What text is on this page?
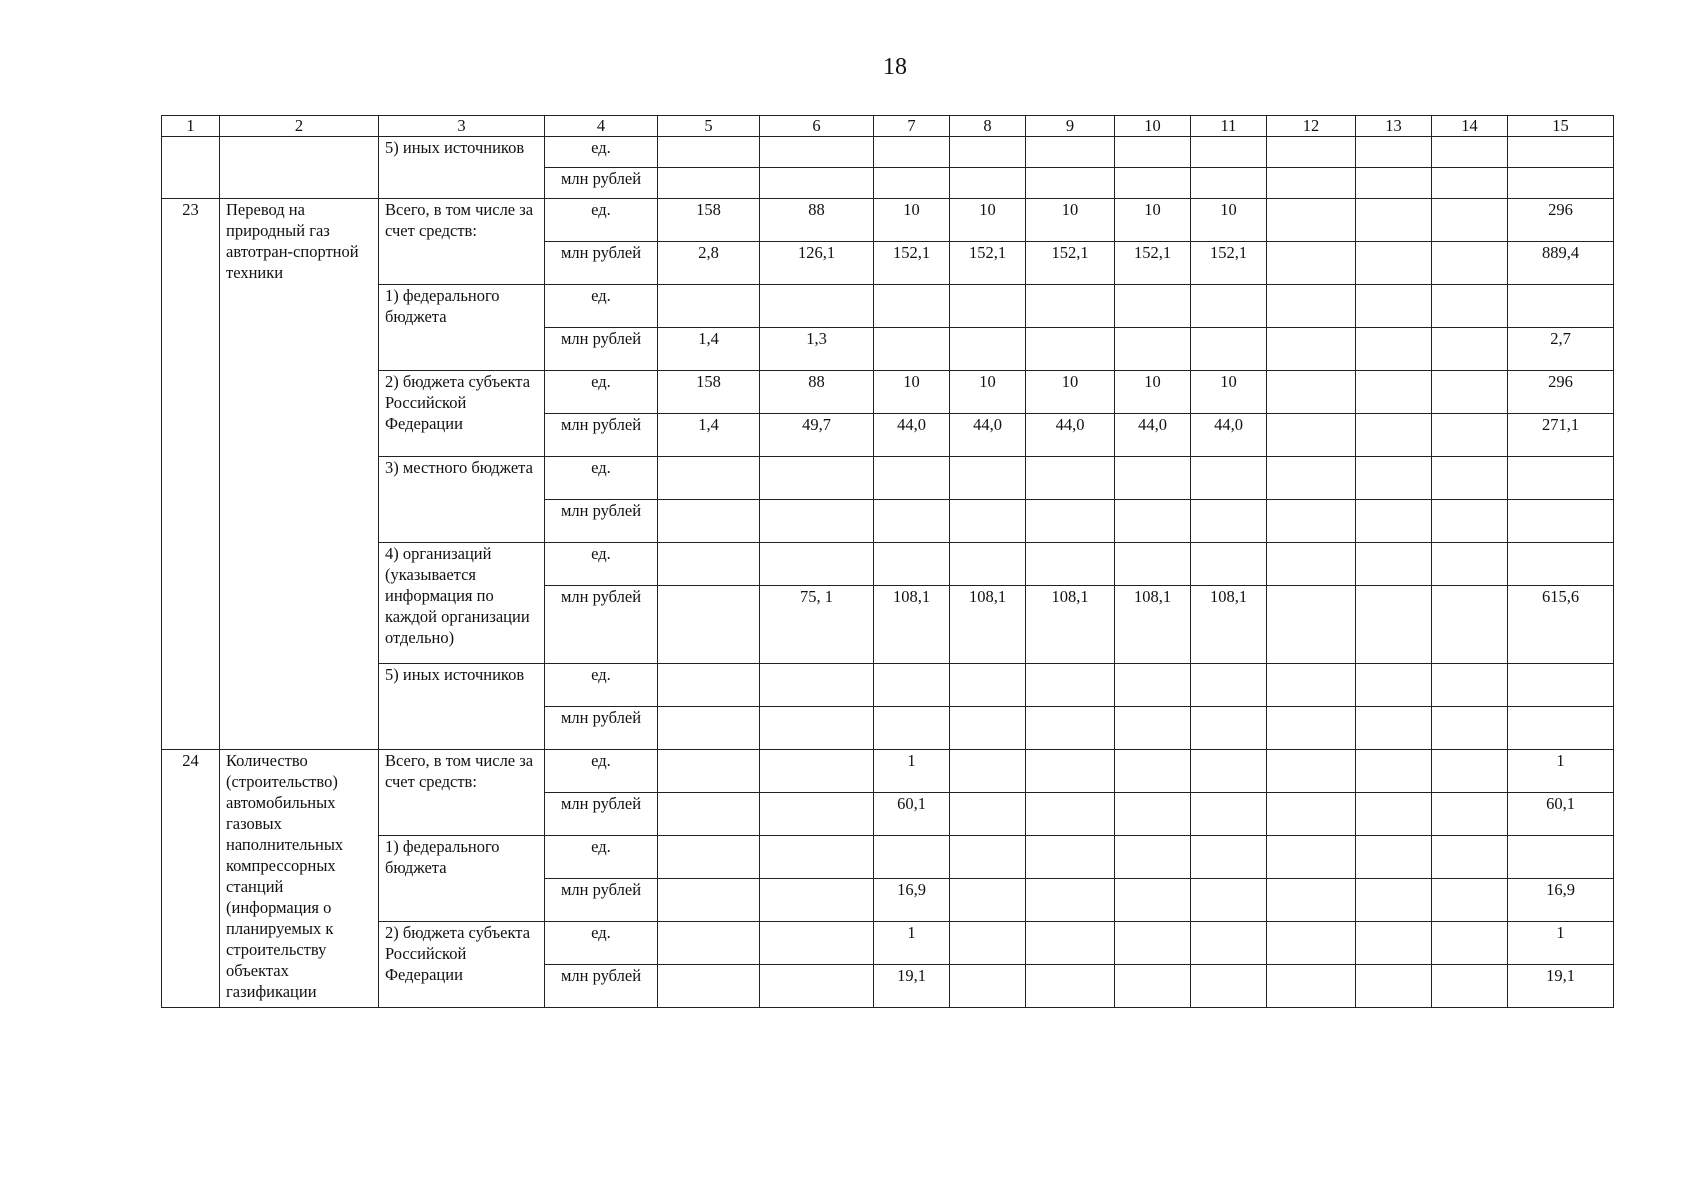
18
1	2	3	4	5	6	7	8	9	10	11	12	13	14	15
		5) иных источников	ед.											
			млн рублей											
23	Перевод на природный газ автотран-спортной техники	Всего, в том числе за счет средств:	ед.	158	88	10	10	10	10	10				296
			млн рублей	2,8	126,1	152,1	152,1	152,1	152,1	152,1				889,4
		1) федерального бюджета	ед.											
			млн рублей	1,4	1,3									2,7
		2) бюджета субъекта Российской Федерации	ед.	158	88	10	10	10	10	10				296
			млн рублей	1,4	49,7	44,0	44,0	44,0	44,0	44,0				271,1
		3) местного бюджета	ед.											
			млн рублей											
		4) организаций (указывается информация по каждой организации отдельно)	ед.											
			млн рублей		75, 1	108,1	108,1	108,1	108,1	108,1				615,6
		5) иных источников	ед.											
			млн рублей											
24	Количество (строительство) автомобильных газовых наполнительных компрессорных станций (информация о планируемых к строительству объектах газификации	Всего, в том числе за счет средств:	ед.			1								1
			млн рублей			60,1								60,1
		1) федерального бюджета	ед.											
			млн рублей			16,9								16,9
		2) бюджета субъекта Российской Федерации	ед.			1								1
			млн рублей			19,1								19,1
